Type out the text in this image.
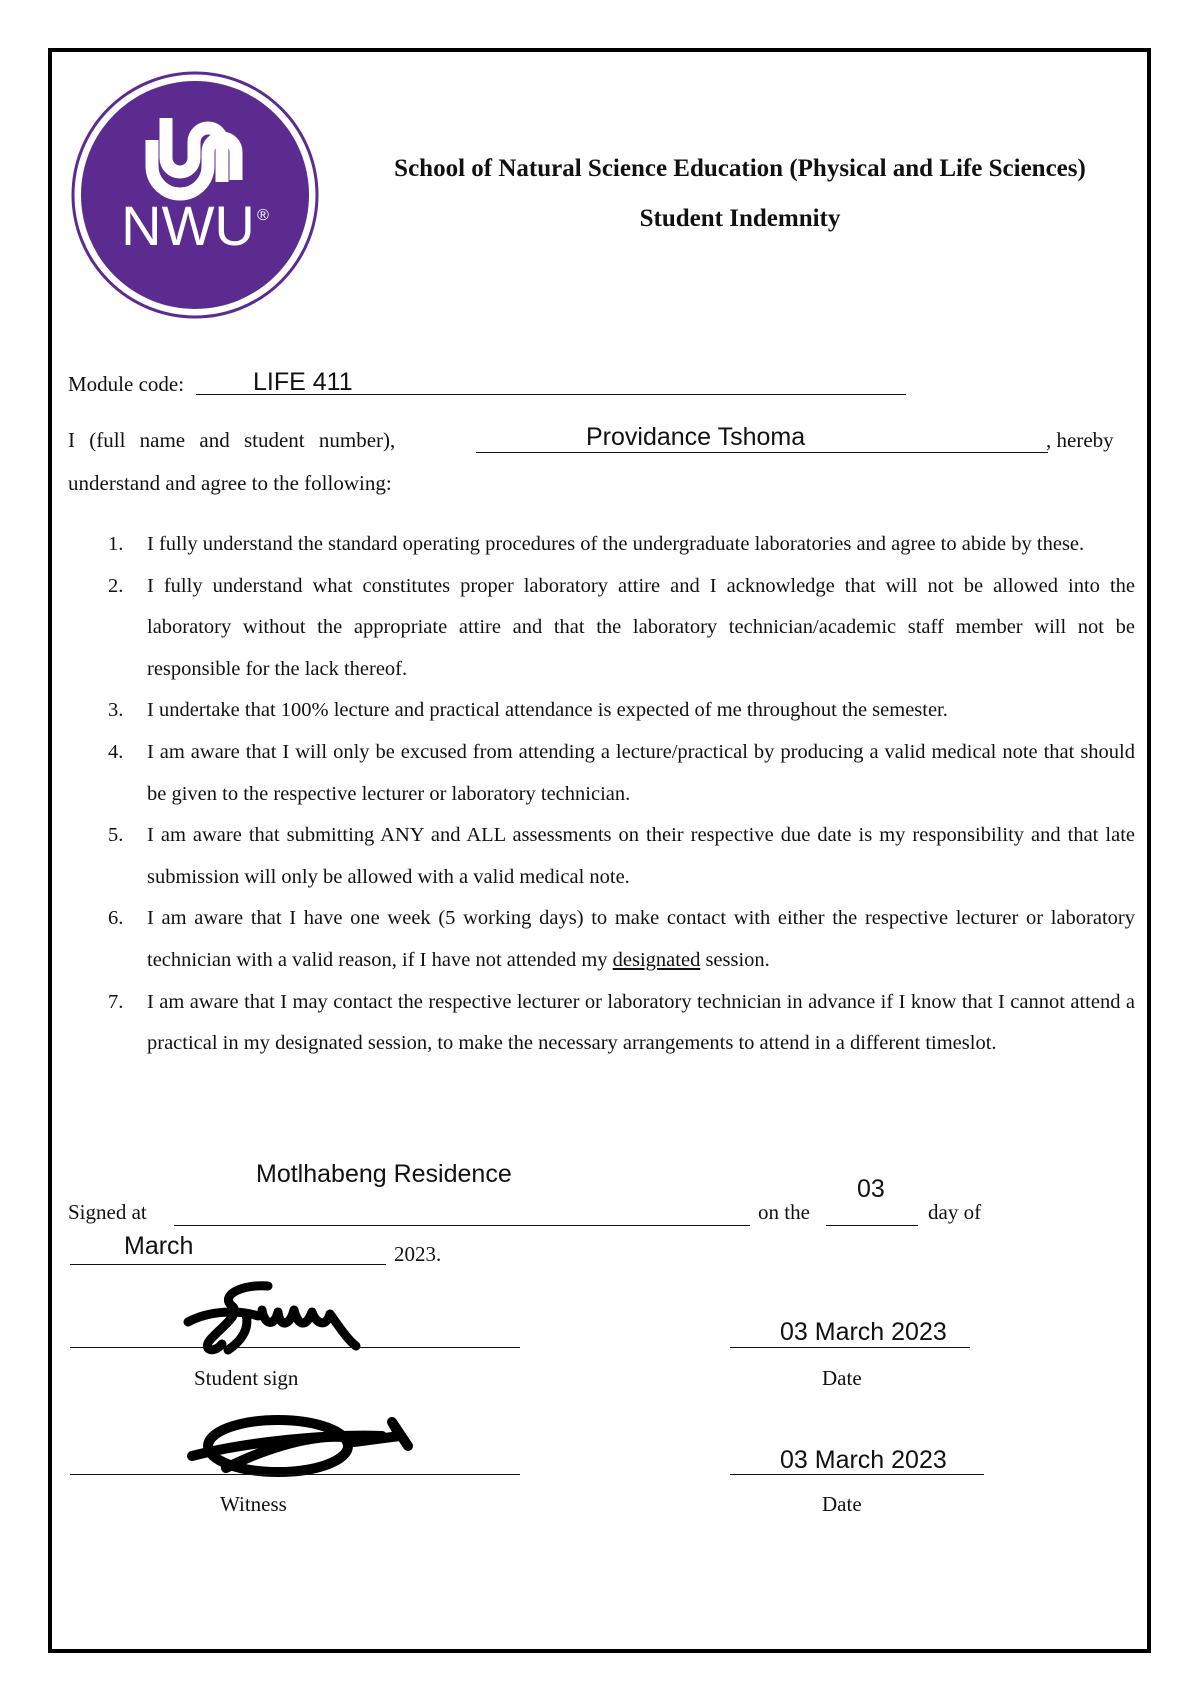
NWU ®
School of Natural Science Education (Physical and Life Sciences)
Student Indemnity
Module code:	LIFE 411
I (full name and student number),	Providance Tshoma	, hereby
understand and agree to the following:
1. I fully understand the standard operating procedures of the undergraduate laboratories and agree to abide by these.
2. I fully understand what constitutes proper laboratory attire and I acknowledge that will not be allowed into the laboratory without the appropriate attire and that the laboratory technician/academic staff member will not be responsible for the lack thereof.
3. I undertake that 100% lecture and practical attendance is expected of me throughout the semester.
4. I am aware that I will only be excused from attending a lecture/practical by producing a valid medical note that should be given to the respective lecturer or laboratory technician.
5. I am aware that submitting ANY and ALL assessments on their respective due date is my responsibility and that late submission will only be allowed with a valid medical note.
6. I am aware that I have one week (5 working days) to make contact with either the respective lecturer or laboratory technician with a valid reason, if I have not attended my designated session.
7. I am aware that I may contact the respective lecturer or laboratory technician in advance if I know that I cannot attend a practical in my designated session, to make the necessary arrangements to attend in a different timeslot.
Motlhabeng Residence
Signed at	on the
03
day of
March	2023.
Student sign
03 March 2023
Date
Witness
03 March 2023
Date
